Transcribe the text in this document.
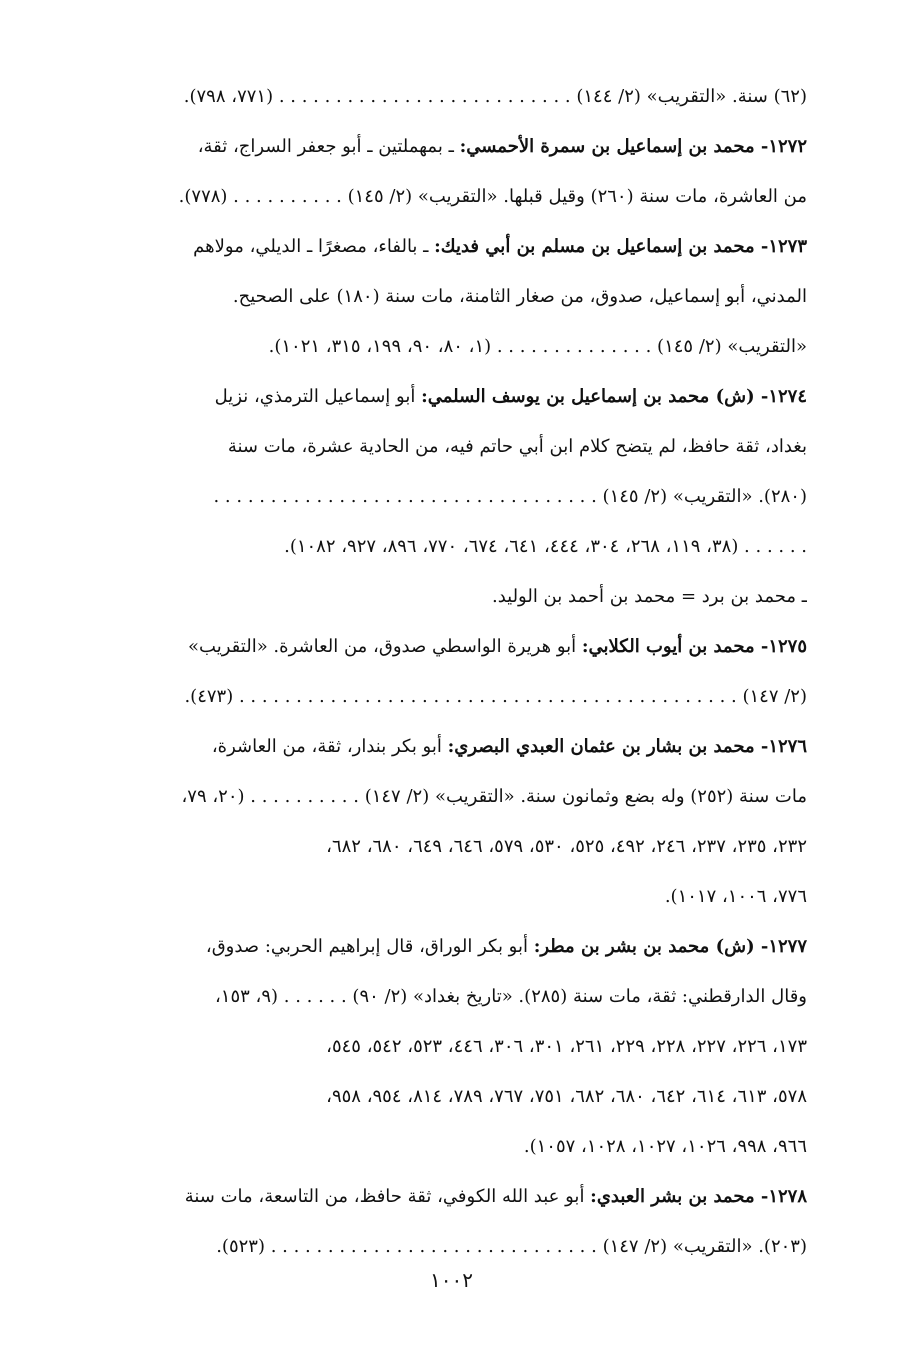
(٦٢) سنة. «التقريب» (٢/ ١٤٤) . . . . . . . . . . . . . . . . . . . . . . . . . . (٧٧١، ٧٩٨).
١٢٧٢- محمد بن إسماعيل بن سمرة الأحمسي: ـ بمهملتين ـ أبو جعفر السراج، ثقة،
من العاشرة، مات سنة (٢٦٠) وقيل قبلها. «التقريب» (٢/ ١٤٥) . . . . . . . . . . (٧٧٨).
١٢٧٣- محمد بن إسماعيل بن مسلم بن أبي فديك: ـ بالفاء، مصغرًا ـ الديلي، مولاهم
المدني، أبو إسماعيل، صدوق، من صغار الثامنة، مات سنة (١٨٠) على الصحيح.
«التقريب» (٢/ ١٤٥) . . . . . . . . . . . . . . (١، ٨٠، ٩٠، ١٩٩، ٣١٥، ١٠٢١).
١٢٧٤- (ش) محمد بن إسماعيل بن يوسف السلمي: أبو إسماعيل الترمذي، نزيل
بغداد، ثقة حافظ، لم يتضح كلام ابن أبي حاتم فيه، من الحادية عشرة، مات سنة
(٢٨٠). «التقريب» (٢/ ١٤٥) . . . . . . . . . . . . . . . . . . . . . . . . . . . . . . . . . .
. . . . . . (٣٨، ١١٩، ٢٦٨، ٣٠٤، ٤٤٤، ٦٤١، ٦٧٤، ٧٧٠، ٨٩٦، ٩٢٧، ١٠٨٢).
ـ محمد بن برد = محمد بن أحمد بن الوليد.
١٢٧٥- محمد بن أيوب الكلابي: أبو هريرة الواسطي صدوق، من العاشرة. «التقريب»
(٢/ ١٤٧) . . . . . . . . . . . . . . . . . . . . . . . . . . . . . . . . . . . . . . . . . . . . (٤٧٣).
١٢٧٦- محمد بن بشار بن عثمان العبدي البصري: أبو بكر بندار، ثقة، من العاشرة،
مات سنة (٢٥٢) وله بضع وثمانون سنة. «التقريب» (٢/ ١٤٧) . . . . . . . . . . (٢٠، ٧٩،
٢٣٢، ٢٣٥، ٢٣٧، ٢٤٦، ٤٩٢، ٥٢٥، ٥٣٠، ٥٧٩، ٦٤٦، ٦٤٩، ٦٨٠، ٦٨٢،
٧٧٦، ١٠٠٦، ١٠١٧).
١٢٧٧- (ش) محمد بن بشر بن مطر: أبو بكر الوراق، قال إبراهيم الحربي: صدوق،
وقال الدارقطني: ثقة، مات سنة (٢٨٥). «تاريخ بغداد» (٢/ ٩٠) . . . . . . (٩، ١٥٣،
١٧٣، ٢٢٦، ٢٢٧، ٢٢٨، ٢٢٩، ٢٦١، ٣٠١، ٣٠٦، ٤٤٦، ٥٢٣، ٥٤٢، ٥٤٥،
٥٧٨، ٦١٣، ٦١٤، ٦٤٢، ٦٨٠، ٦٨٢، ٧٥١، ٧٦٧، ٧٨٩، ٨١٤، ٩٥٤، ٩٥٨،
٩٦٦، ٩٩٨، ١٠٢٦، ١٠٢٧، ١٠٢٨، ١٠٥٧).
١٢٧٨- محمد بن بشر العبدي: أبو عبد الله الكوفي، ثقة حافظ، من التاسعة، مات سنة
(٢٠٣). «التقريب» (٢/ ١٤٧) . . . . . . . . . . . . . . . . . . . . . . . . . . . . . (٥٢٣).
١٠٠٢
